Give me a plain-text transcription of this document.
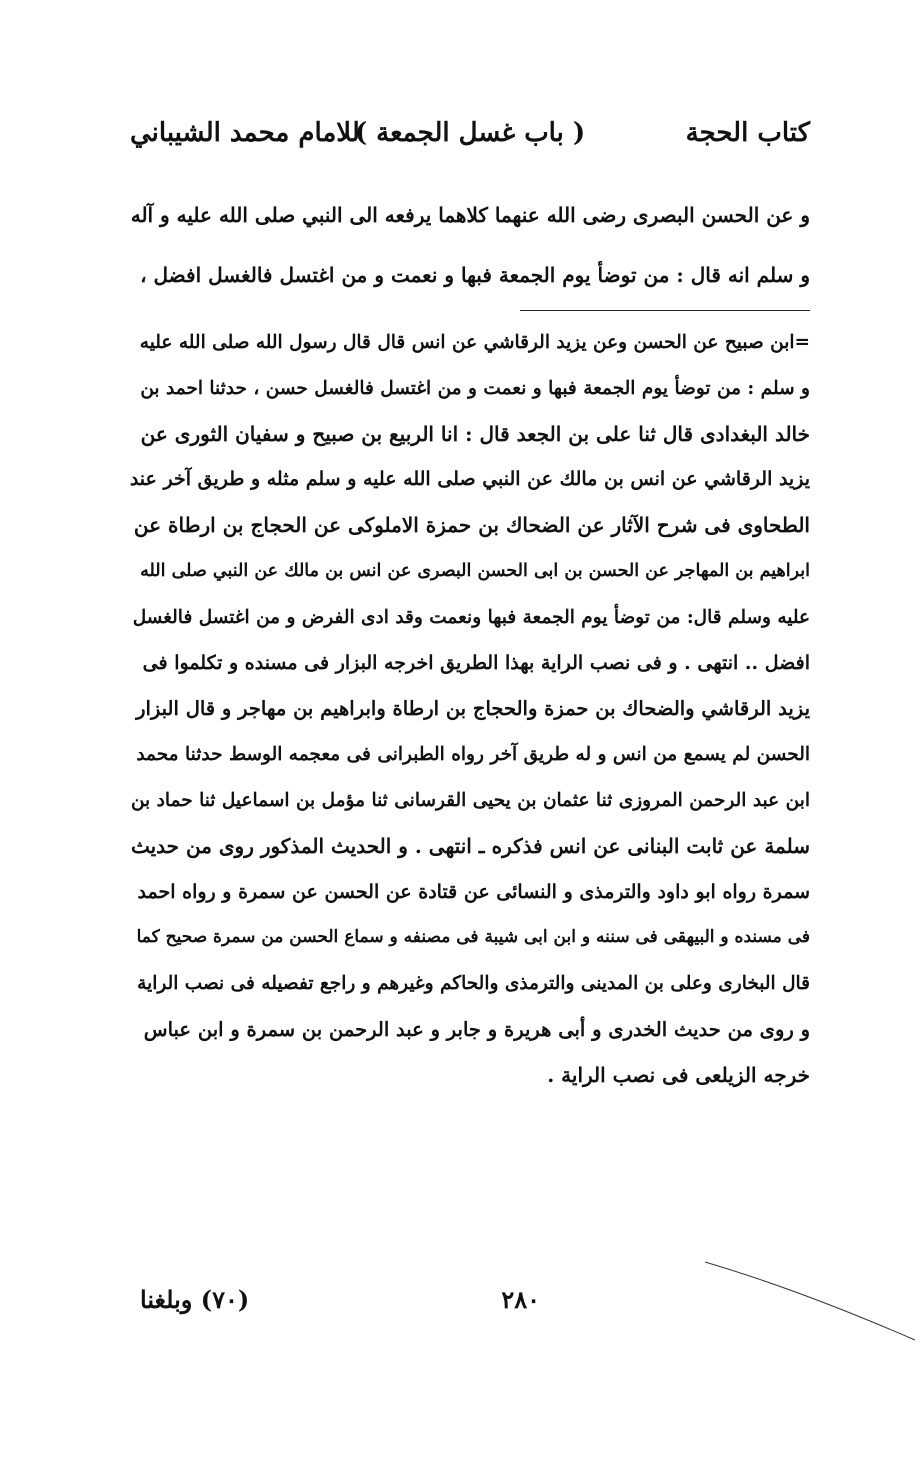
كتاب الحجة
( باب غسل الجمعة )
للامام محمد الشيباني
و عن الحسن البصرى رضى الله عنهما كلاهما يرفعه الى النبي صلى الله عليه و آله
و سلم انه قال : من توضأ يوم الجمعة فبها و نعمت و من اغتسل فالغسل افضل ،
=ابن صبيح عن الحسن وعن يزيد الرقاشي عن انس قال قال رسول الله صلى الله عليه
و سلم : من توضأ يوم الجمعة فبها و نعمت و من اغتسل فالغسل حسن ، حدثنا احمد بن
خالد البغدادى قال ثنا على بن الجعد قال : انا الربيع بن صبيح و سفيان الثورى عن
يزيد الرقاشي عن انس بن مالك عن النبي صلى الله عليه و سلم مثله و طريق آخر عند
الطحاوى فى شرح الآثار عن الضحاك بن حمزة الاملوكى عن الحجاج بن ارطاة عن
ابراهيم بن المهاجر عن الحسن بن ابى الحسن البصرى عن انس بن مالك عن النبي صلى الله
عليه وسلم قال: من توضأ يوم الجمعة فبها ونعمت وقد ادى الفرض و من اغتسل فالغسل
افضل .. انتهى . و فى نصب الراية بهذا الطريق اخرجه البزار فى مسنده و تكلموا فى
يزيد الرقاشي والضحاك بن حمزة والحجاج بن ارطاة وابراهيم بن مهاجر و قال البزار
الحسن لم يسمع من انس و له طريق آخر رواه الطبرانى فى معجمه الوسط حدثنا محمد
ابن عبد الرحمن المروزى ثنا عثمان بن يحيى القرسانى ثنا مؤمل بن اسماعيل ثنا حماد بن
سلمة عن ثابت البنانى عن انس فذكره ـ انتهى . و الحديث المذكور روى من حديث
سمرة رواه ابو داود والترمذى و النسائى عن قتادة عن الحسن عن سمرة و رواه احمد
فى مسنده و البيهقى فى سننه و ابن ابى شيبة فى مصنفه و سماع الحسن من سمرة صحيح كما
قال البخارى وعلى بن المدينى والترمذى والحاكم وغيرهم و راجع تفصيله فى نصب الراية
و روى من حديث الخدرى و أبى هريرة و جابر و عبد الرحمن بن سمرة و ابن عباس
خرجه الزيلعى فى نصب الراية .
٢٨٠
(٧٠) وبلغنا
